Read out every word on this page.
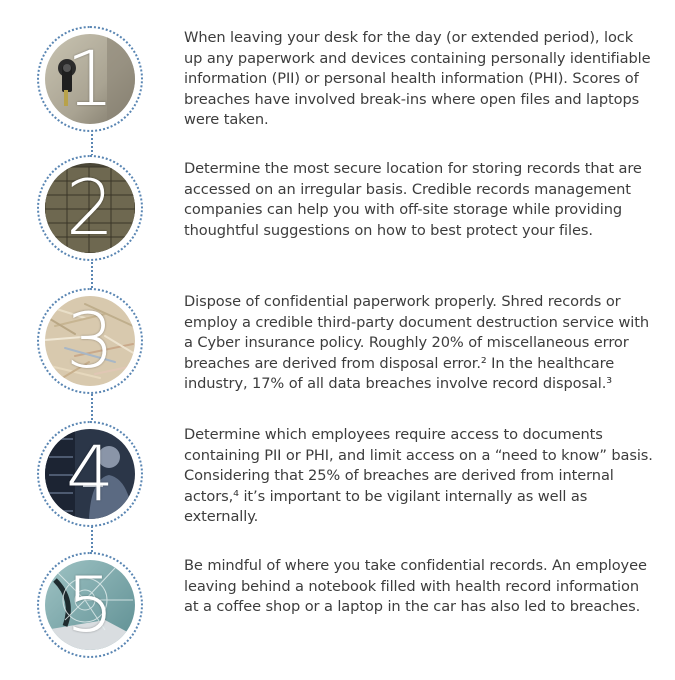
1	When leaving your desk for the day (or extended period), lock up any paperwork and devices containing personally identifiable information (PII) or personal health information (PHI). Scores of breaches have involved break-ins where open files and laptops were taken.

2	Determine the most secure location for storing records that are accessed on an irregular basis. Credible records management companies can help you with off-site storage while providing thoughtful suggestions on how to best protect your files.

3	Dispose of confidential paperwork properly. Shred records or employ a credible third-party document destruction service with a Cyber insurance policy. Roughly 20% of miscellaneous error breaches are derived from disposal error.² In the healthcare industry, 17% of all data breaches involve record disposal.³

4	Determine which employees require access to documents containing PII or PHI, and limit access on a “need to know” basis. Considering that 25% of breaches are derived from internal actors,⁴ it’s important to be vigilant internally as well as externally.

5	Be mindful of where you take confidential records. An employee leaving behind a notebook filled with health record information at a coffee shop or a laptop in the car has also led to breaches.
